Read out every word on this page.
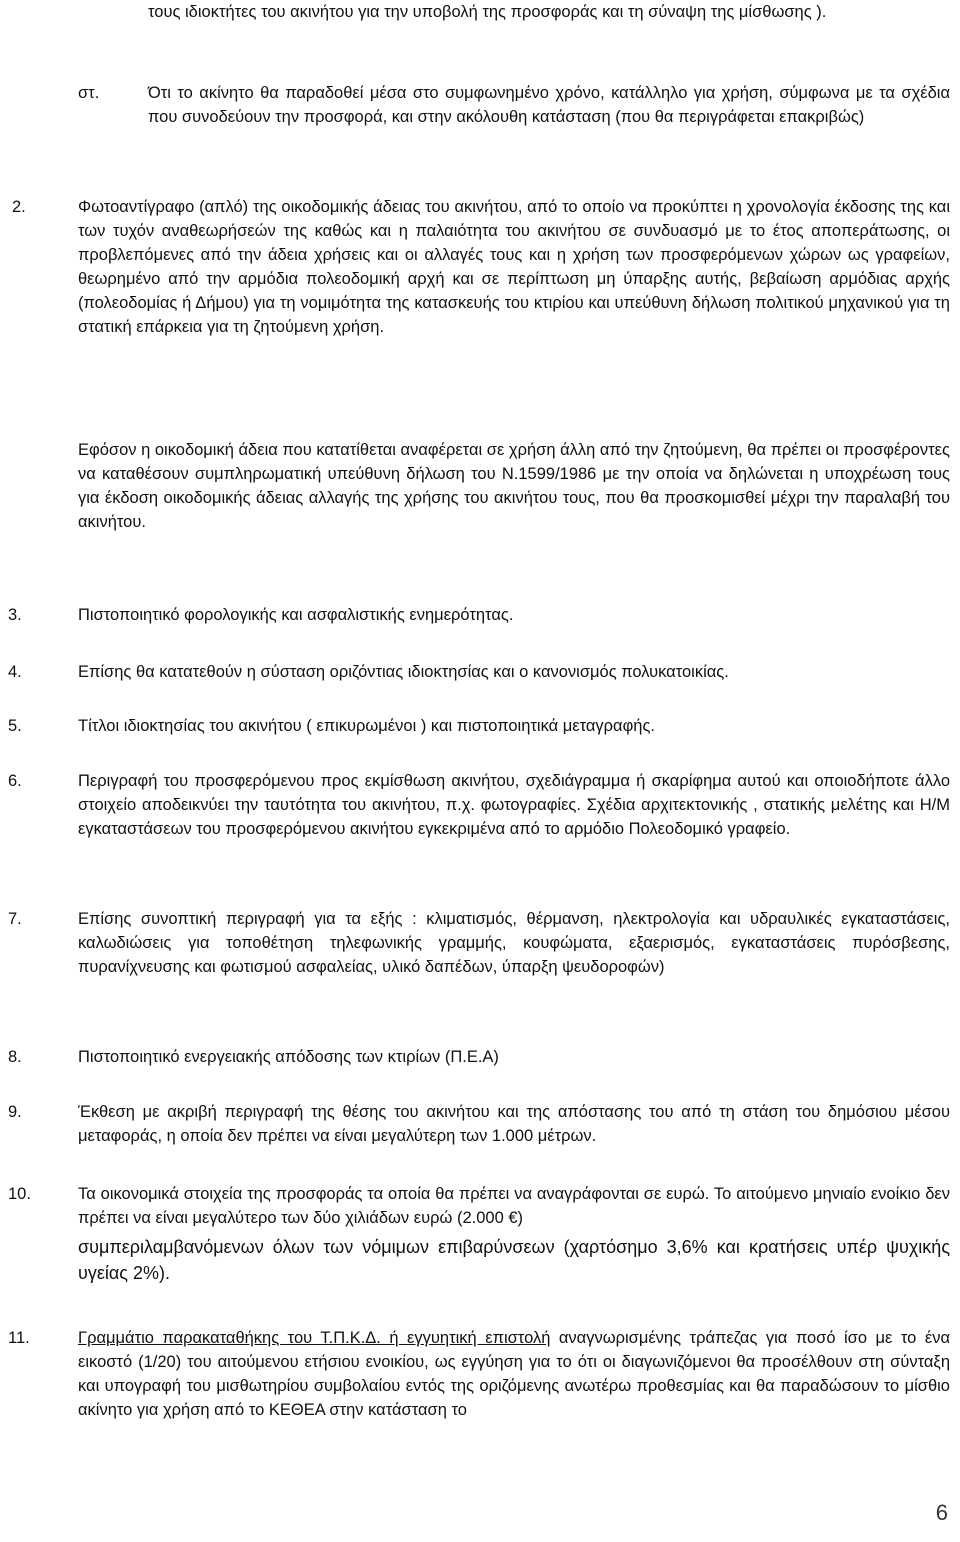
τους ιδιοκτήτες του ακινήτου για την υποβολή της προσφοράς και τη σύναψη της μίσθωσης ).
στ.	Ότι το ακίνητο θα παραδοθεί μέσα στο συμφωνημένο χρόνο, κατάλληλο για χρήση, σύμφωνα με τα σχέδια που συνοδεύουν την προσφορά, και στην ακόλουθη κατάσταση (που θα περιγράφεται επακριβώς)
2.	Φωτοαντίγραφο (απλό) της οικοδομικής άδειας του ακινήτου, από το οποίο να προκύπτει η χρονολογία έκδοσης της και των τυχόν αναθεωρήσεών της καθώς και η παλαιότητα του ακινήτου σε συνδυασμό με το έτος αποπεράτωσης, οι προβλεπόμενες από την άδεια χρήσεις και οι αλλαγές τους και η χρήση των προσφερόμενων χώρων ως γραφείων, θεωρημένο από την αρμόδια πολεοδομική αρχή και σε περίπτωση μη ύπαρξης αυτής, βεβαίωση αρμόδιας αρχής (πολεοδομίας ή Δήμου) για τη νομιμότητα της κατασκευής του κτιρίου και υπεύθυνη δήλωση πολιτικού μηχανικού για τη στατική επάρκεια για τη ζητούμενη χρήση.
Εφόσον η οικοδομική άδεια που κατατίθεται αναφέρεται σε χρήση άλλη από την ζητούμενη, θα πρέπει οι προσφέροντες να καταθέσουν συμπληρωματική υπεύθυνη δήλωση του Ν.1599/1986 με την οποία να δηλώνεται η υποχρέωση τους για έκδοση οικοδομικής άδειας αλλαγής της χρήσης του ακινήτου τους, που θα προσκομισθεί μέχρι την παραλαβή του ακινήτου.
3.	Πιστοποιητικό φορολογικής και ασφαλιστικής ενημερότητας.
4.	Επίσης θα κατατεθούν η σύσταση οριζόντιας ιδιοκτησίας και ο κανονισμός πολυκατοικίας.
5.	Τίτλοι ιδιοκτησίας του ακινήτου ( επικυρωμένοι ) και πιστοποιητικά μεταγραφής.
6.	Περιγραφή του προσφερόμενου προς εκμίσθωση ακινήτου, σχεδιάγραμμα ή σκαρίφημα αυτού και οποιοδήποτε άλλο στοιχείο αποδεικνύει την ταυτότητα του ακινήτου, π.χ. φωτογραφίες. Σχέδια αρχιτεκτονικής , στατικής μελέτης και Η/Μ εγκαταστάσεων του προσφερόμενου ακινήτου εγκεκριμένα από το αρμόδιο Πολεοδομικό γραφείο.
7.	Επίσης συνοπτική περιγραφή για τα εξής : κλιματισμός, θέρμανση, ηλεκτρολογία και υδραυλικές εγκαταστάσεις, καλωδιώσεις για τοποθέτηση τηλεφωνικής γραμμής, κουφώματα, εξαερισμός, εγκαταστάσεις πυρόσβεσης, πυρανίχνευσης και φωτισμού ασφαλείας, υλικό δαπέδων, ύπαρξη ψευδοροφών)
8.	Πιστοποιητικό ενεργειακής απόδοσης των κτιρίων (Π.Ε.Α)
9.	Έκθεση με ακριβή περιγραφή της θέσης του ακινήτου και της απόστασης του από τη στάση του δημόσιου μέσου μεταφοράς, η οποία δεν πρέπει να είναι μεγαλύτερη των 1.000 μέτρων.
10.	Τα οικονομικά στοιχεία της προσφοράς τα οποία θα πρέπει να αναγράφονται σε ευρώ. Το αιτούμενο μηνιαίο ενοίκιο δεν πρέπει να είναι μεγαλύτερο των δύο χιλιάδων ευρώ (2.000 €)
συμπεριλαμβανόμενων όλων των νόμιμων επιβαρύνσεων (χαρτόσημο 3,6% και κρατήσεις υπέρ ψυχικής υγείας 2%).
11.	Γραμμάτιο παρακαταθήκης του Τ.Π.Κ.Δ. ή εγγυητική επιστολή αναγνωρισμένης τράπεζας για ποσό ίσο με το ένα εικοστό (1/20) του αιτούμενου ετήσιου ενοικίου, ως εγγύηση για το ότι οι διαγωνιζόμενοι θα προσέλθουν στη σύνταξη και υπογραφή του μισθωτηρίου συμβολαίου εντός της οριζόμενης ανωτέρω προθεσμίας και θα παραδώσουν το μίσθιο ακίνητο για χρήση από το ΚΕΘΕΑ στην κατάσταση το
6
